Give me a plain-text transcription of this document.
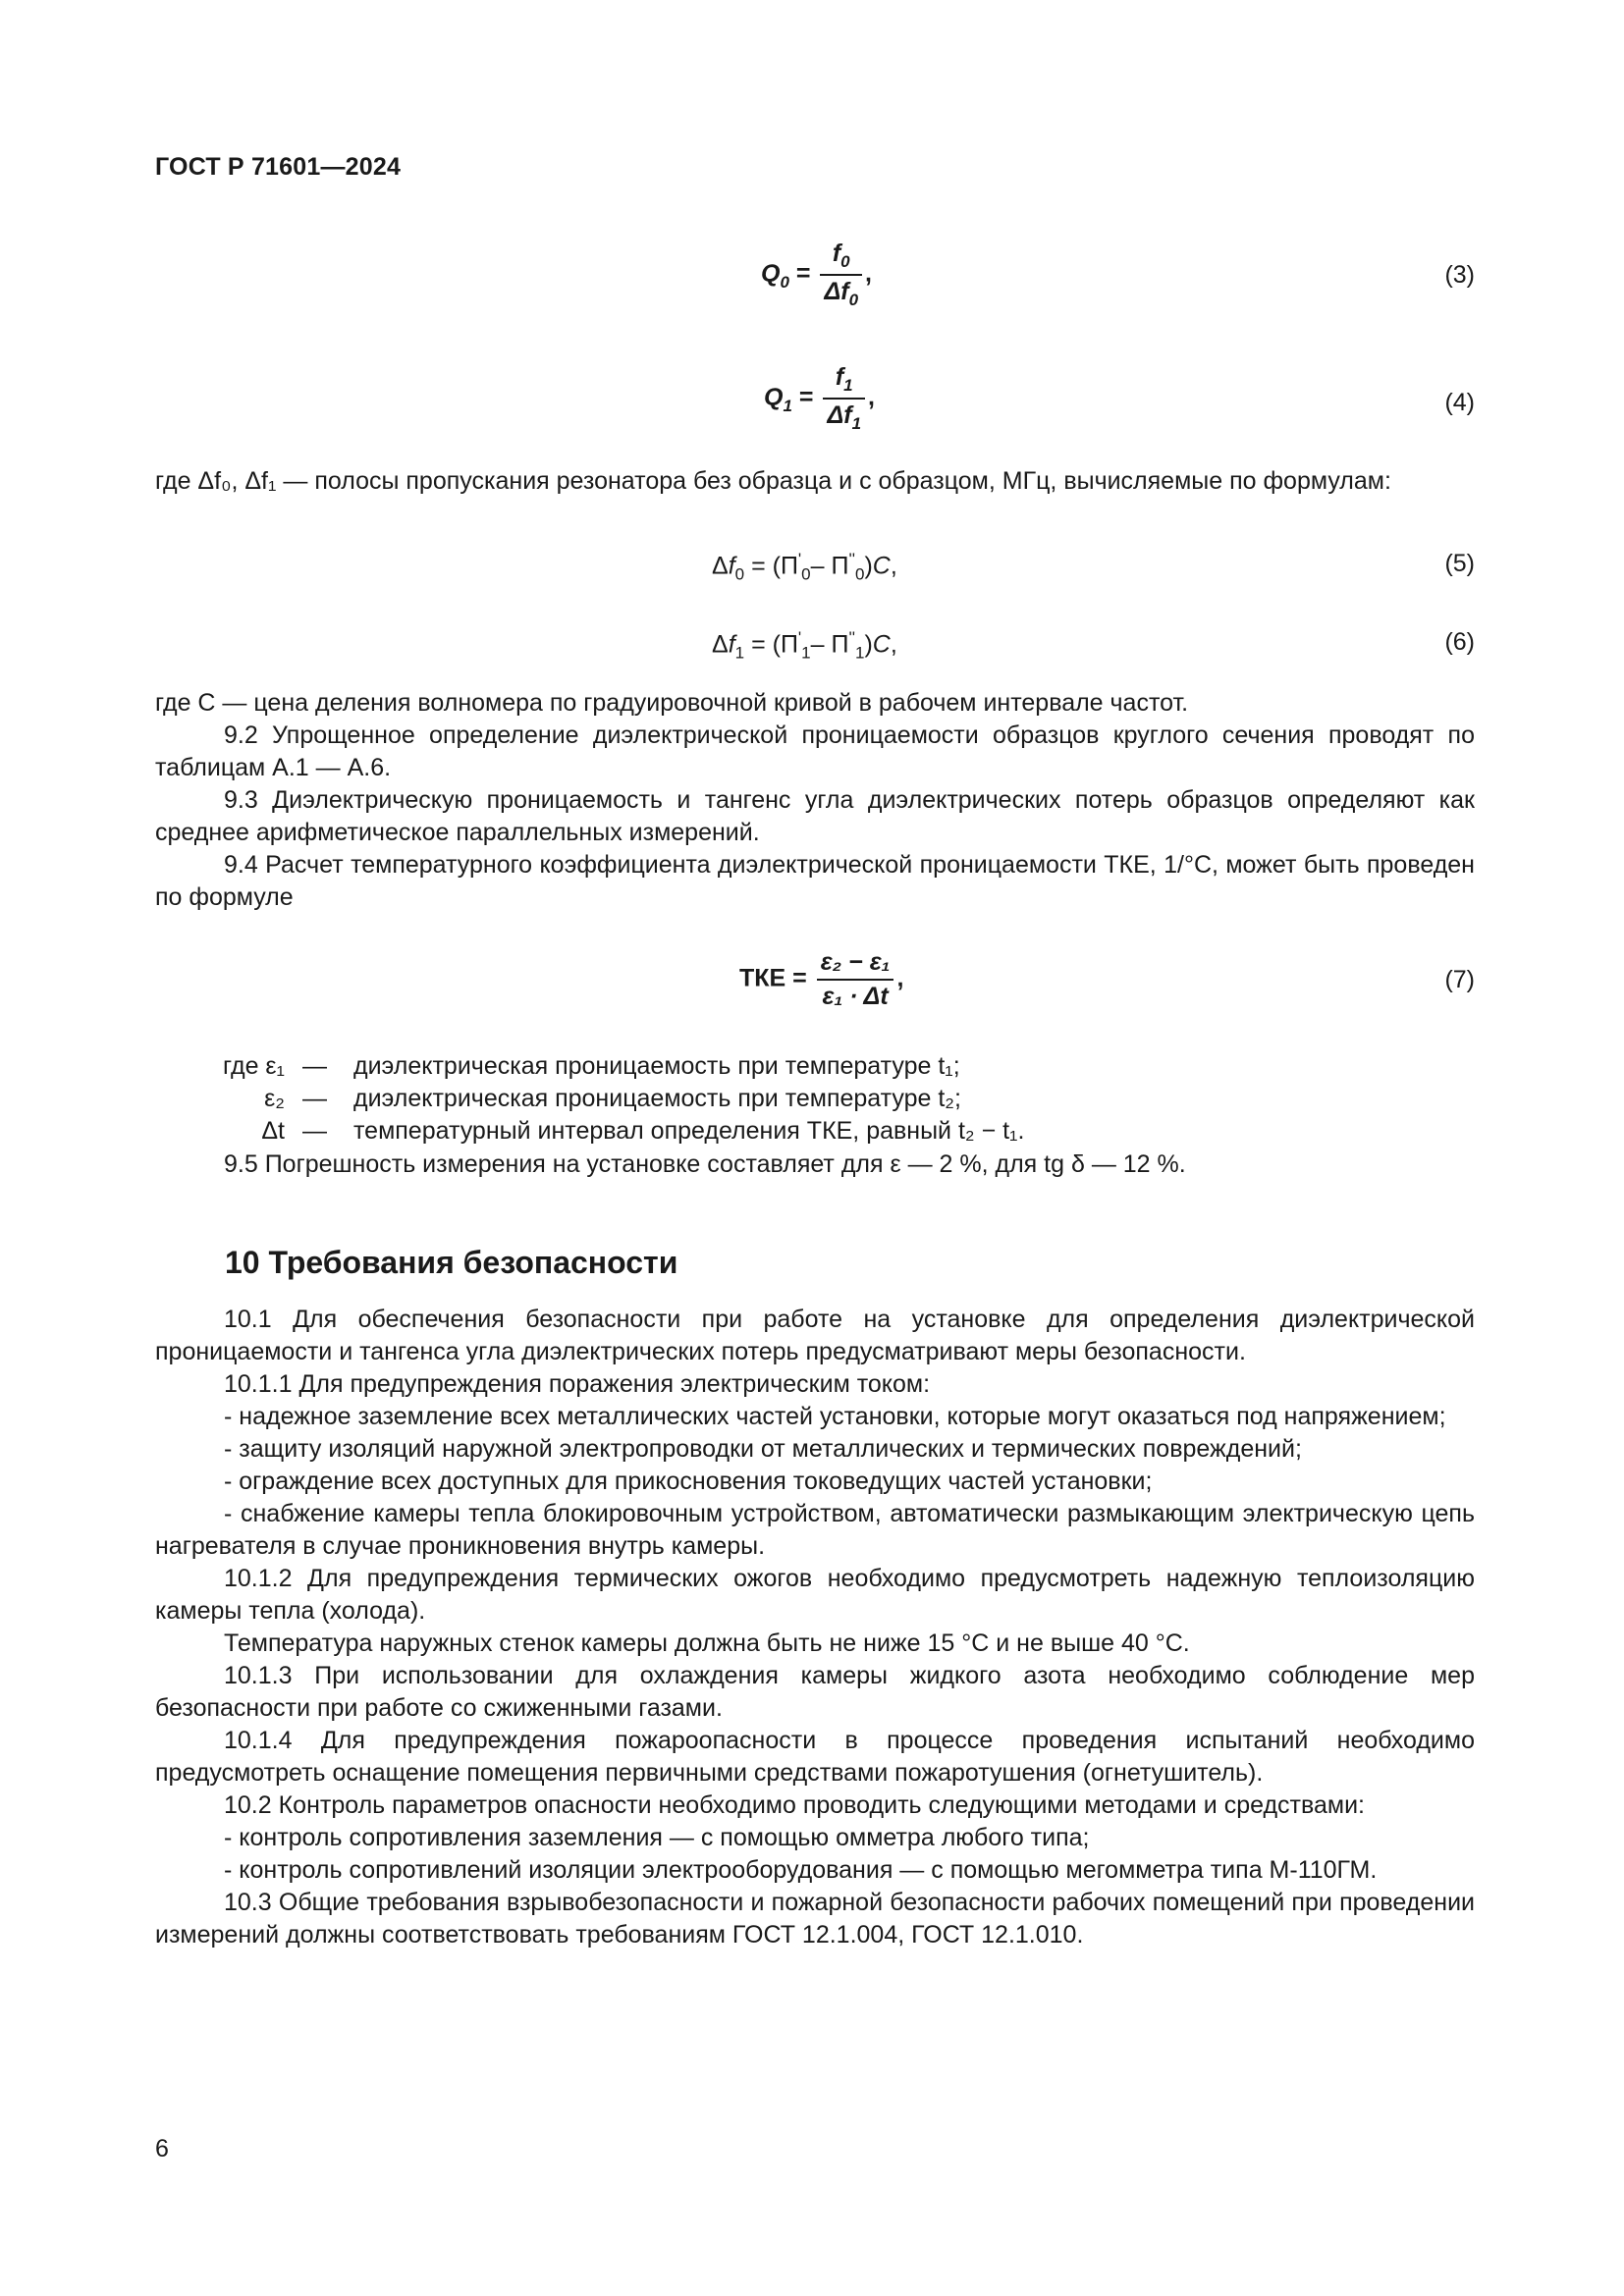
ГОСТ Р 71601—2024
$Q_0 = \frac{f_0}{\Delta f_0}$ ,	(3)
$Q_1 = \frac{f_1}{\Delta f_1}$ ,	(4)

где Δf₀, Δf₁ — полосы пропускания резонатора без образца и с образцом, МГц, вычисляемые по формулам:

$\Delta f_0 = (П'_0-$ $П''_0)C$,	(5)
$\Delta f_1 = (П'_1-$ $П''_1)C$,	(6)

где C — цена деления волномера по градуировочной кривой в рабочем интервале частот.

9.2 Упрощенное определение диэлектрической проницаемости образцов круглого сечения проводят по таблицам А.1 — А.6.

9.3 Диэлектрическую проницаемость и тангенс угла диэлектрических потерь образцов определяют как среднее арифметическое параллельных измерений.

9.4 Расчет температурного коэффициента диэлектрической проницаемости ТКЕ, 1/°С, может быть проведен по формуле

ТКЕ = $\frac{\text{ε₂ − ε₁}}{\text{ε₁ · Δt}}$ ,	(7)
где ε₁ —	диэлектрическая проницаемость при температуре t₁;
ε₂ —	диэлектрическая проницаемость при температуре t₂;
Δt —	температурный интервал определения ТКЕ, равный t₂ − t₁.

9.5 Погрешность измерения на установке составляет для ε — 2 %, для tg δ — 12 %.

10 Требования безопасности

10.1 Для обеспечения безопасности при работе на установке для определения диэлектрической проницаемости и тангенса угла диэлектрических потерь предусматривают меры безопасности.

10.1.1 Для предупреждения поражения электрическим током:

- надежное заземление всех металлических частей установки, которые могут оказаться под напряжением;

- защиту изоляций наружной электропроводки от металлических и термических повреждений;

- ограждение всех доступных для прикосновения токоведущих частей установки;

- снабжение камеры тепла блокировочным устройством, автоматически размыкающим электрическую цепь нагревателя в случае проникновения внутрь камеры.

10.1.2 Для предупреждения термических ожогов необходимо предусмотреть надежную теплоизоляцию камеры тепла (холода).

Температура наружных стенок камеры должна быть не ниже 15 °С и не выше 40 °С.

10.1.3 При использовании для охлаждения камеры жидкого азота необходимо соблюдение мер безопасности при работе со сжиженными газами.

10.1.4 Для предупреждения пожароопасности в процессе проведения испытаний необходимо предусмотреть оснащение помещения первичными средствами пожаротушения (огнетушитель).

10.2 Контроль параметров опасности необходимо проводить следующими методами и средствами:

- контроль сопротивления заземления — с помощью омметра любого типа;

- контроль сопротивлений изоляции электрооборудования — с помощью мегомметра типа М-110ГМ.

10.3 Общие требования взрывобезопасности и пожарной безопасности рабочих помещений при проведении измерений должны соответствовать требованиям ГОСТ 12.1.004, ГОСТ 12.1.010.

6
